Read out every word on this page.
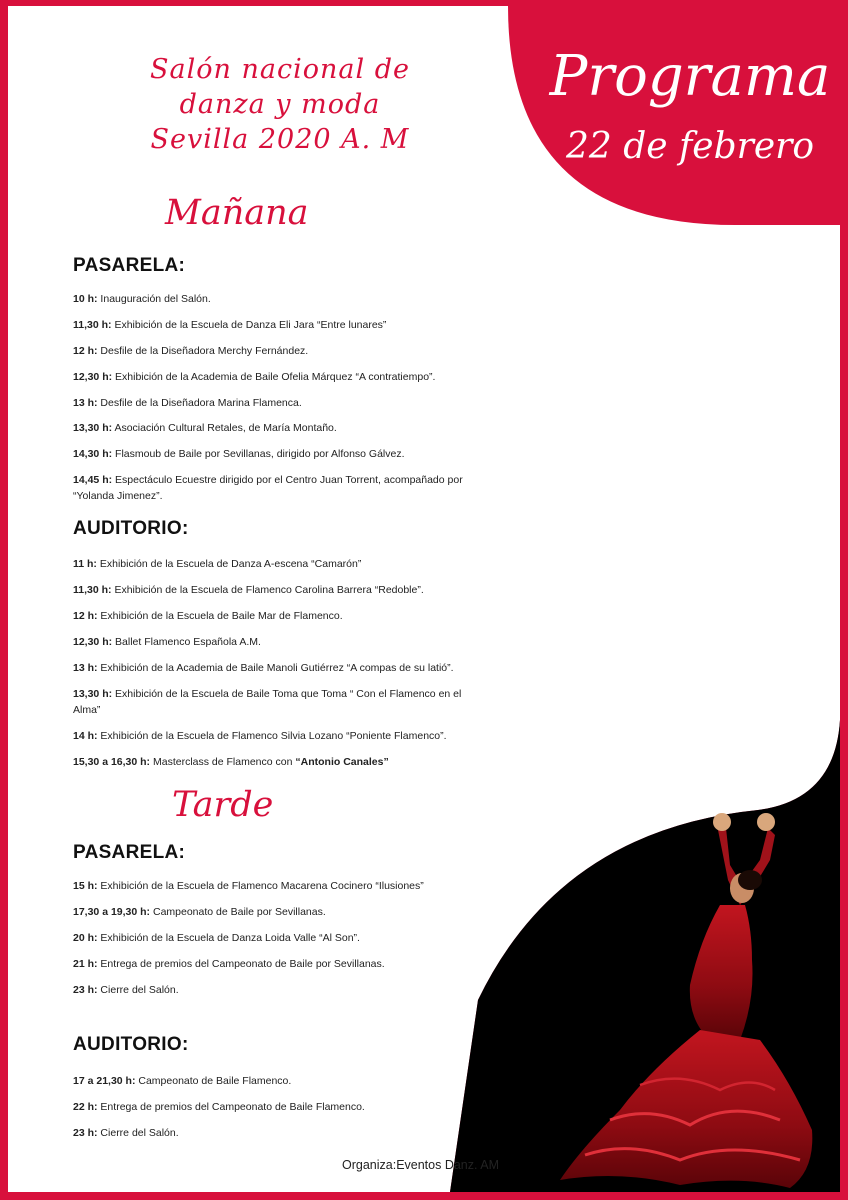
Salón nacional de
danza y moda
Sevilla 2020 A. M
Programa
22 de febrero
Mañana
PASARELA:
10 h: Inauguración del Salón.
11,30 h: Exhibición de la Escuela de Danza Eli Jara “Entre lunares”
12 h: Desfile de la Diseñadora Merchy Fernández.
12,30 h: Exhibición de la Academia de Baile Ofelia Márquez “A contratiempo”.
13 h: Desfile de la Diseñadora Marina Flamenca.
13,30 h: Asociación Cultural Retales, de María Montaño.
14,30 h: Flasmoub de Baile por Sevillanas, dirigido por Alfonso Gálvez.
14,45 h: Espectáculo Ecuestre dirigido por el Centro Juan Torrent, acompañado por “Yolanda Jimenez”.
AUDITORIO:
11 h: Exhibición de la Escuela de Danza A-escena “Camarón”
11,30 h: Exhibición de la Escuela de Flamenco Carolina Barrera “Redoble”.
12 h: Exhibición de la Escuela de Baile Mar de Flamenco.
12,30 h: Ballet Flamenco Española A.M.
13 h: Exhibición de la Academia de Baile Manoli Gutiérrez “A compas de su latió”.
13,30 h: Exhibición de la Escuela de Baile Toma que Toma “ Con el Flamenco en el Alma”
14 h: Exhibición de la Escuela de Flamenco Silvia Lozano “Poniente Flamenco”.
15,30 a 16,30 h: Masterclass de Flamenco con “Antonio Canales”
Tarde
PASARELA:
15 h: Exhibición de la Escuela de Flamenco Macarena Cocinero “Ilusiones”
17,30 a 19,30 h: Campeonato de Baile por Sevillanas.
20 h: Exhibición de la Escuela de Danza Loida Valle “Al Son”.
21 h: Entrega de premios del Campeonato de Baile por Sevillanas.
23 h: Cierre del Salón.
AUDITORIO:
17 a 21,30 h: Campeonato de Baile Flamenco.
22 h: Entrega de premios del Campeonato de Baile Flamenco.
23 h: Cierre del Salón.
Organiza:Eventos Danz. AM
